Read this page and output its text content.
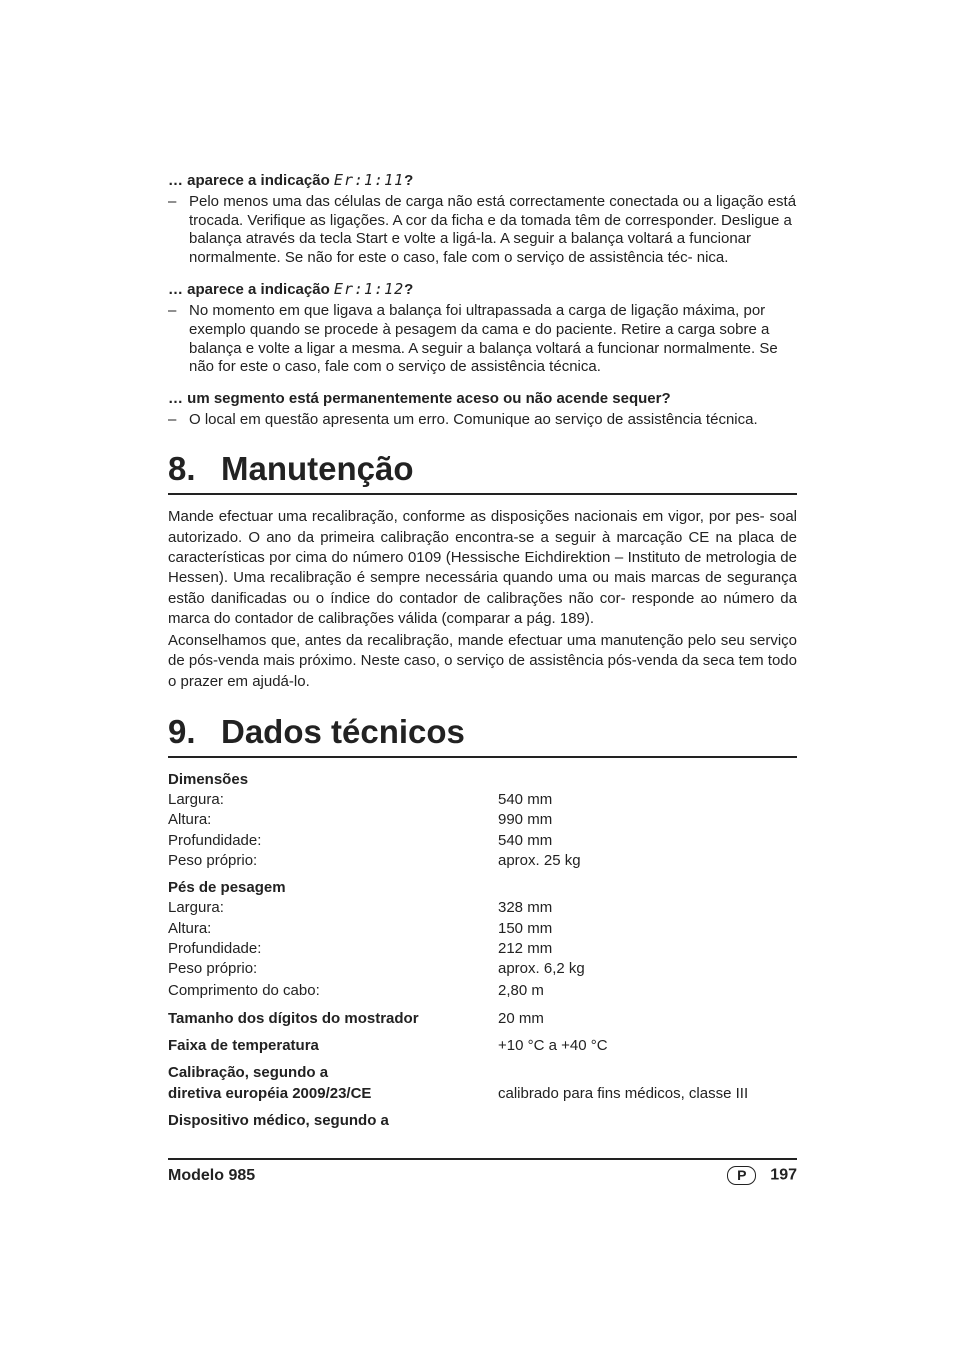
… aparece a indicação Er:1:11?

– Pelo menos uma das células de carga não está correctamente conectada ou a ligação está trocada. Verifique as ligações. A cor da ficha e da tomada têm de corresponder. Desligue a balança através da tecla Start e volte a ligá-la. A seguir a balança voltará a funcionar normalmente. Se não for este o caso, fale com o serviço de assistência téc- nica.

… aparece a indicação Er:1:12?

– No momento em que ligava a balança foi ultrapassada a carga de ligação máxima, por exemplo quando se procede à pesagem da cama e do paciente. Retire a carga sobre a balança e volte a ligar a mesma. A seguir a balança voltará a funcionar normalmente. Se não for este o caso, fale com o serviço de assistência técnica.

… um segmento está permanentemente aceso ou não acende sequer?

– O local em questão apresenta um erro. Comunique ao serviço de assistência técnica.
8. Manutenção

Mande efectuar uma recalibração, conforme as disposições nacionais em vigor, por pes- soal autorizado. O ano da primeira calibração encontra-se a seguir à marcação CE na placa de características por cima do número 0109 (Hessische Eichdirektion – Instituto de metrologia de Hessen). Uma recalibração é sempre necessária quando uma ou mais marcas de segurança estão danificadas ou o índice do contador de calibrações não cor- responde ao número da marca do contador de calibrações válida (comparar a pág. 189).

Aconselhamos que, antes da recalibração, mande efectuar uma manutenção pelo seu serviço de pós-venda mais próximo. Neste caso, o serviço de assistência pós-venda da seca tem todo o prazer em ajudá-lo.

9. Dados técnicos

Dimensões

Largura:	540 mm
Altura:	990 mm
Profundidade:	540 mm
Peso próprio:	aprox. 25 kg

Pés de pesagem

Largura:	328 mm
Altura:	150 mm
Profundidade:	212 mm
Peso próprio:	aprox. 6,2 kg
Comprimento do cabo:	2,80 m
Tamanho dos dígitos do mostrador	20 mm
Faixa de temperatura	+10 °C a +40 °C
Calibração, segundo a
diretiva européia 2009/23/CE	calibrado para fins médicos, classe III
Dispositivo médico, segundo a
Modelo 985	P 197
